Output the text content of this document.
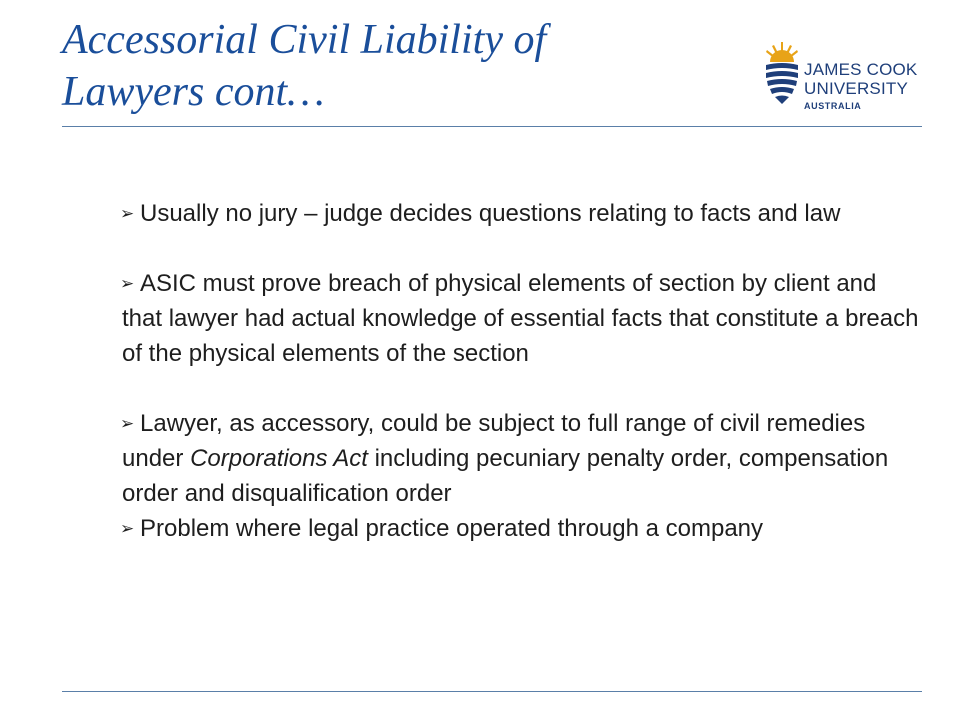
Accessorial Civil Liability of
Lawyers cont…	JAMES COOK
UNIVERSITY
AUSTRALIA

➢ Usually no jury – judge decides questions relating to facts and law

➢ ASIC must prove breach of physical elements of section by client and that lawyer had actual knowledge of essential facts that constitute a breach of the physical elements of the section

➢ Lawyer, as accessory, could be subject to full range of civil remedies under Corporations Act including pecuniary penalty order, compensation order and disqualification order

➢ Problem where legal practice operated through a company
